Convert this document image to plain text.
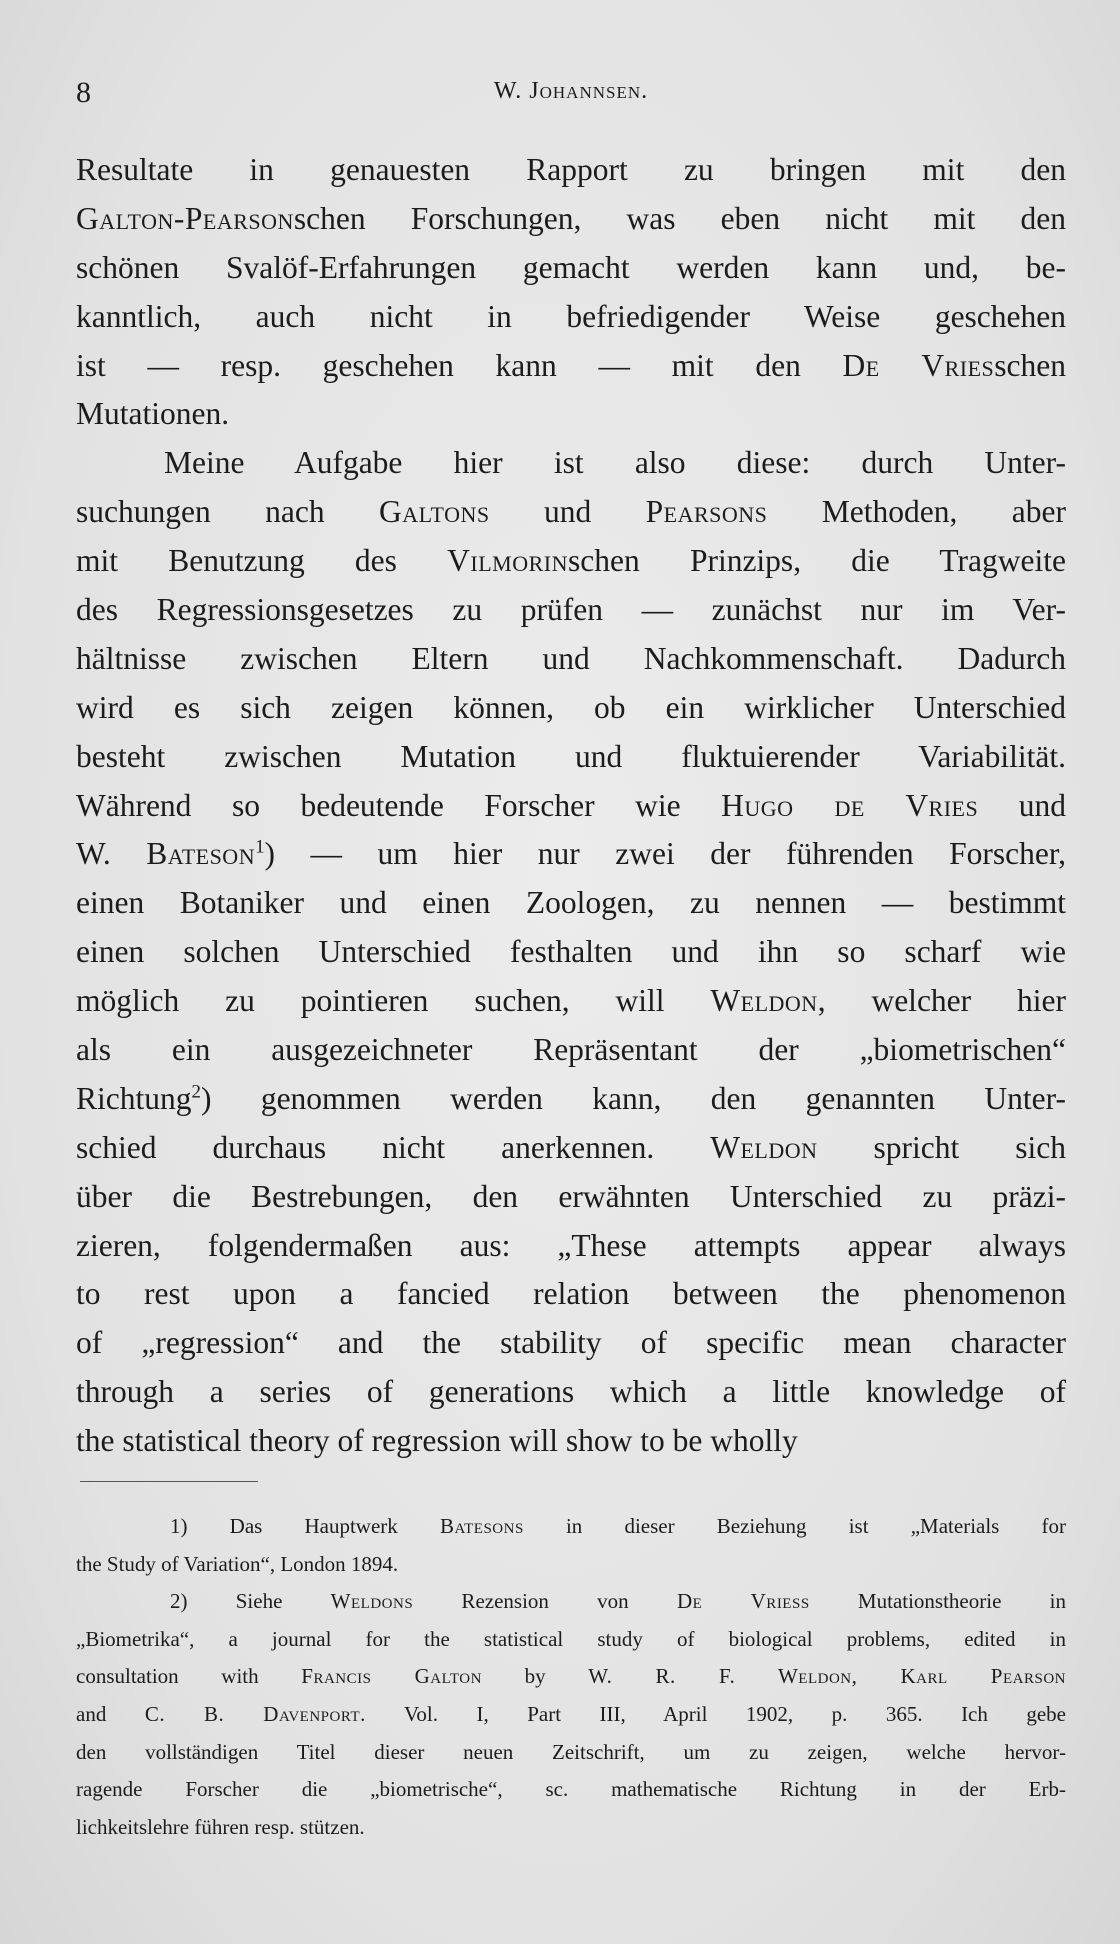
8	W. Johannsen.
Resultate in genauesten Rapport zu bringen mit den
Galton-Pearsonschen Forschungen, was eben nicht mit den
schönen Svalöf-Erfahrungen gemacht werden kann und, be-
kanntlich, auch nicht in befriedigender Weise geschehen
ist — resp. geschehen kann — mit den De Vriesschen
Mutationen.
Meine Aufgabe hier ist also diese: durch Unter-
suchungen nach Galtons und Pearsons Methoden, aber
mit Benutzung des Vilmorinschen Prinzips, die Tragweite
des Regressionsgesetzes zu prüfen — zunächst nur im Ver-
hältnisse zwischen Eltern und Nachkommenschaft. Dadurch
wird es sich zeigen können, ob ein wirklicher Unterschied
besteht zwischen Mutation und fluktuierender Variabilität.
Während so bedeutende Forscher wie Hugo de Vries und
W. Bateson$^1$) — um hier nur zwei der führenden Forscher,
einen Botaniker und einen Zoologen, zu nennen — bestimmt
einen solchen Unterschied festhalten und ihn so scharf wie
möglich zu pointieren suchen, will Weldon, welcher hier
als ein ausgezeichneter Repräsentant der „biometrischen“
Richtung$^2$) genommen werden kann, den genannten Unter-
schied durchaus nicht anerkennen. Weldon spricht sich
über die Bestrebungen, den erwähnten Unterschied zu präzi-
zieren, folgendermaßen aus: „These attempts appear always
to rest upon a fancied relation between the phenomenon
of „regression“ and the stability of specific mean character
through a series of generations which a little knowledge of
the statistical theory of regression will show to be wholly
1) Das Hauptwerk Batesons in dieser Beziehung ist „Materials for
the Study of Variation“, London 1894.
2) Siehe Weldons Rezension von De Vriess Mutationstheorie in
„Biometrika“, a journal for the statistical study of biological problems, edited in
consultation with Francis Galton by W. R. F. Weldon, Karl Pearson
and C. B. Davenport. Vol. I, Part III, April 1902, p. 365. Ich gebe
den vollständigen Titel dieser neuen Zeitschrift, um zu zeigen, welche hervor-
ragende Forscher die „biometrische“, sc. mathematische Richtung in der Erb-
lichkeitslehre führen resp. stützen.
